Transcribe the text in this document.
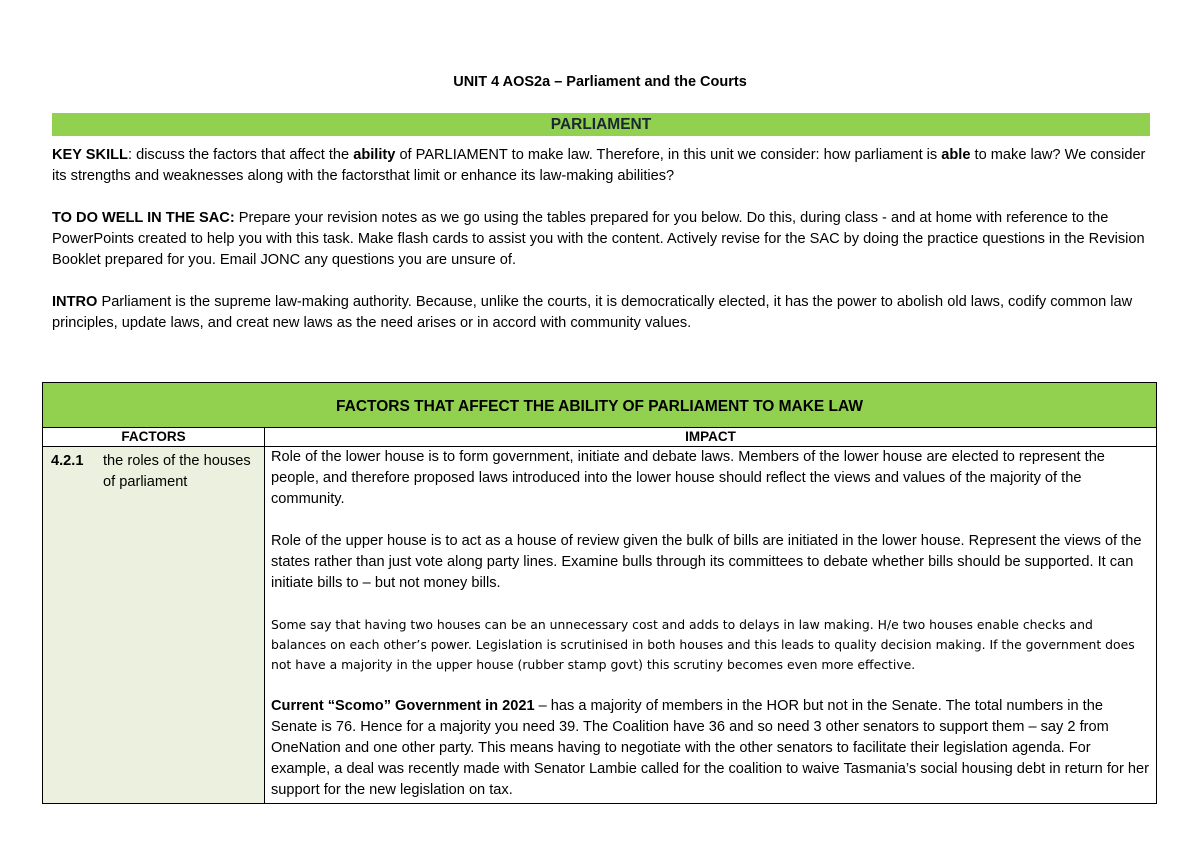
UNIT 4 AOS2a – Parliament and the Courts
PARLIAMENT

KEY SKILL: discuss the factors that affect the ability of PARLIAMENT to make law. Therefore, in this unit we consider: how parliament is able to make law? We consider its strengths and weaknesses along with the factorsthat limit or enhance its law-making abilities?

TO DO WELL IN THE SAC: Prepare your revision notes as we go using the tables prepared for you below. Do this, during class - and at home with reference to the PowerPoints created to help you with this task. Make flash cards to assist you with the content. Actively revise for the SAC by doing the practice questions in the Revision Booklet prepared for you. Email JONC any questions you are unsure of.

INTRO Parliament is the supreme law-making authority. Because, unlike the courts, it is democratically elected, it has the power to abolish old laws, codify common law principles, update laws, and creat new laws as the need arises or in accord with community values.

FACTORS THAT AFFECT THE ABILITY OF PARLIAMENT TO MAKE LAW	
FACTORS	IMPACT
4.2.1 the roles of the houses of parliament	Role of the lower house is to form government, initiate and debate laws. Members of the lower house are elected to represent the people, and therefore proposed laws introduced into the lower house should reflect the views and values of the majority of the community.

Role of the upper house is to act as a house of review given the bulk of bills are initiated in the lower house. Represent the views of the states rather than just vote along party lines. Examine bulls through its committees to debate whether bills should be supported. It can initiate bills to – but not money bills.

Some say that having two houses can be an unnecessary cost and adds to delays in law making. H/e two houses enable checks and balances on each other’s power. Legislation is scrutinised in both houses and this leads to quality decision making. If the government does not have a majority in the upper house (rubber stamp govt) this scrutiny becomes even more effective.

Current “Scomo” Government in 2021 – has a majority of members in the HOR but not in the Senate. The total numbers in the Senate is 76. Hence for a majority you need 39. The Coalition have 36 and so need 3 other senators to support them – say 2 from OneNation and one other party. This means having to negotiate with the other senators to facilitate their legislation agenda. For example, a deal was recently made with Senator Lambie called for the coalition to waive Tasmania’s social housing debt in return for her support for the new legislation on tax.
